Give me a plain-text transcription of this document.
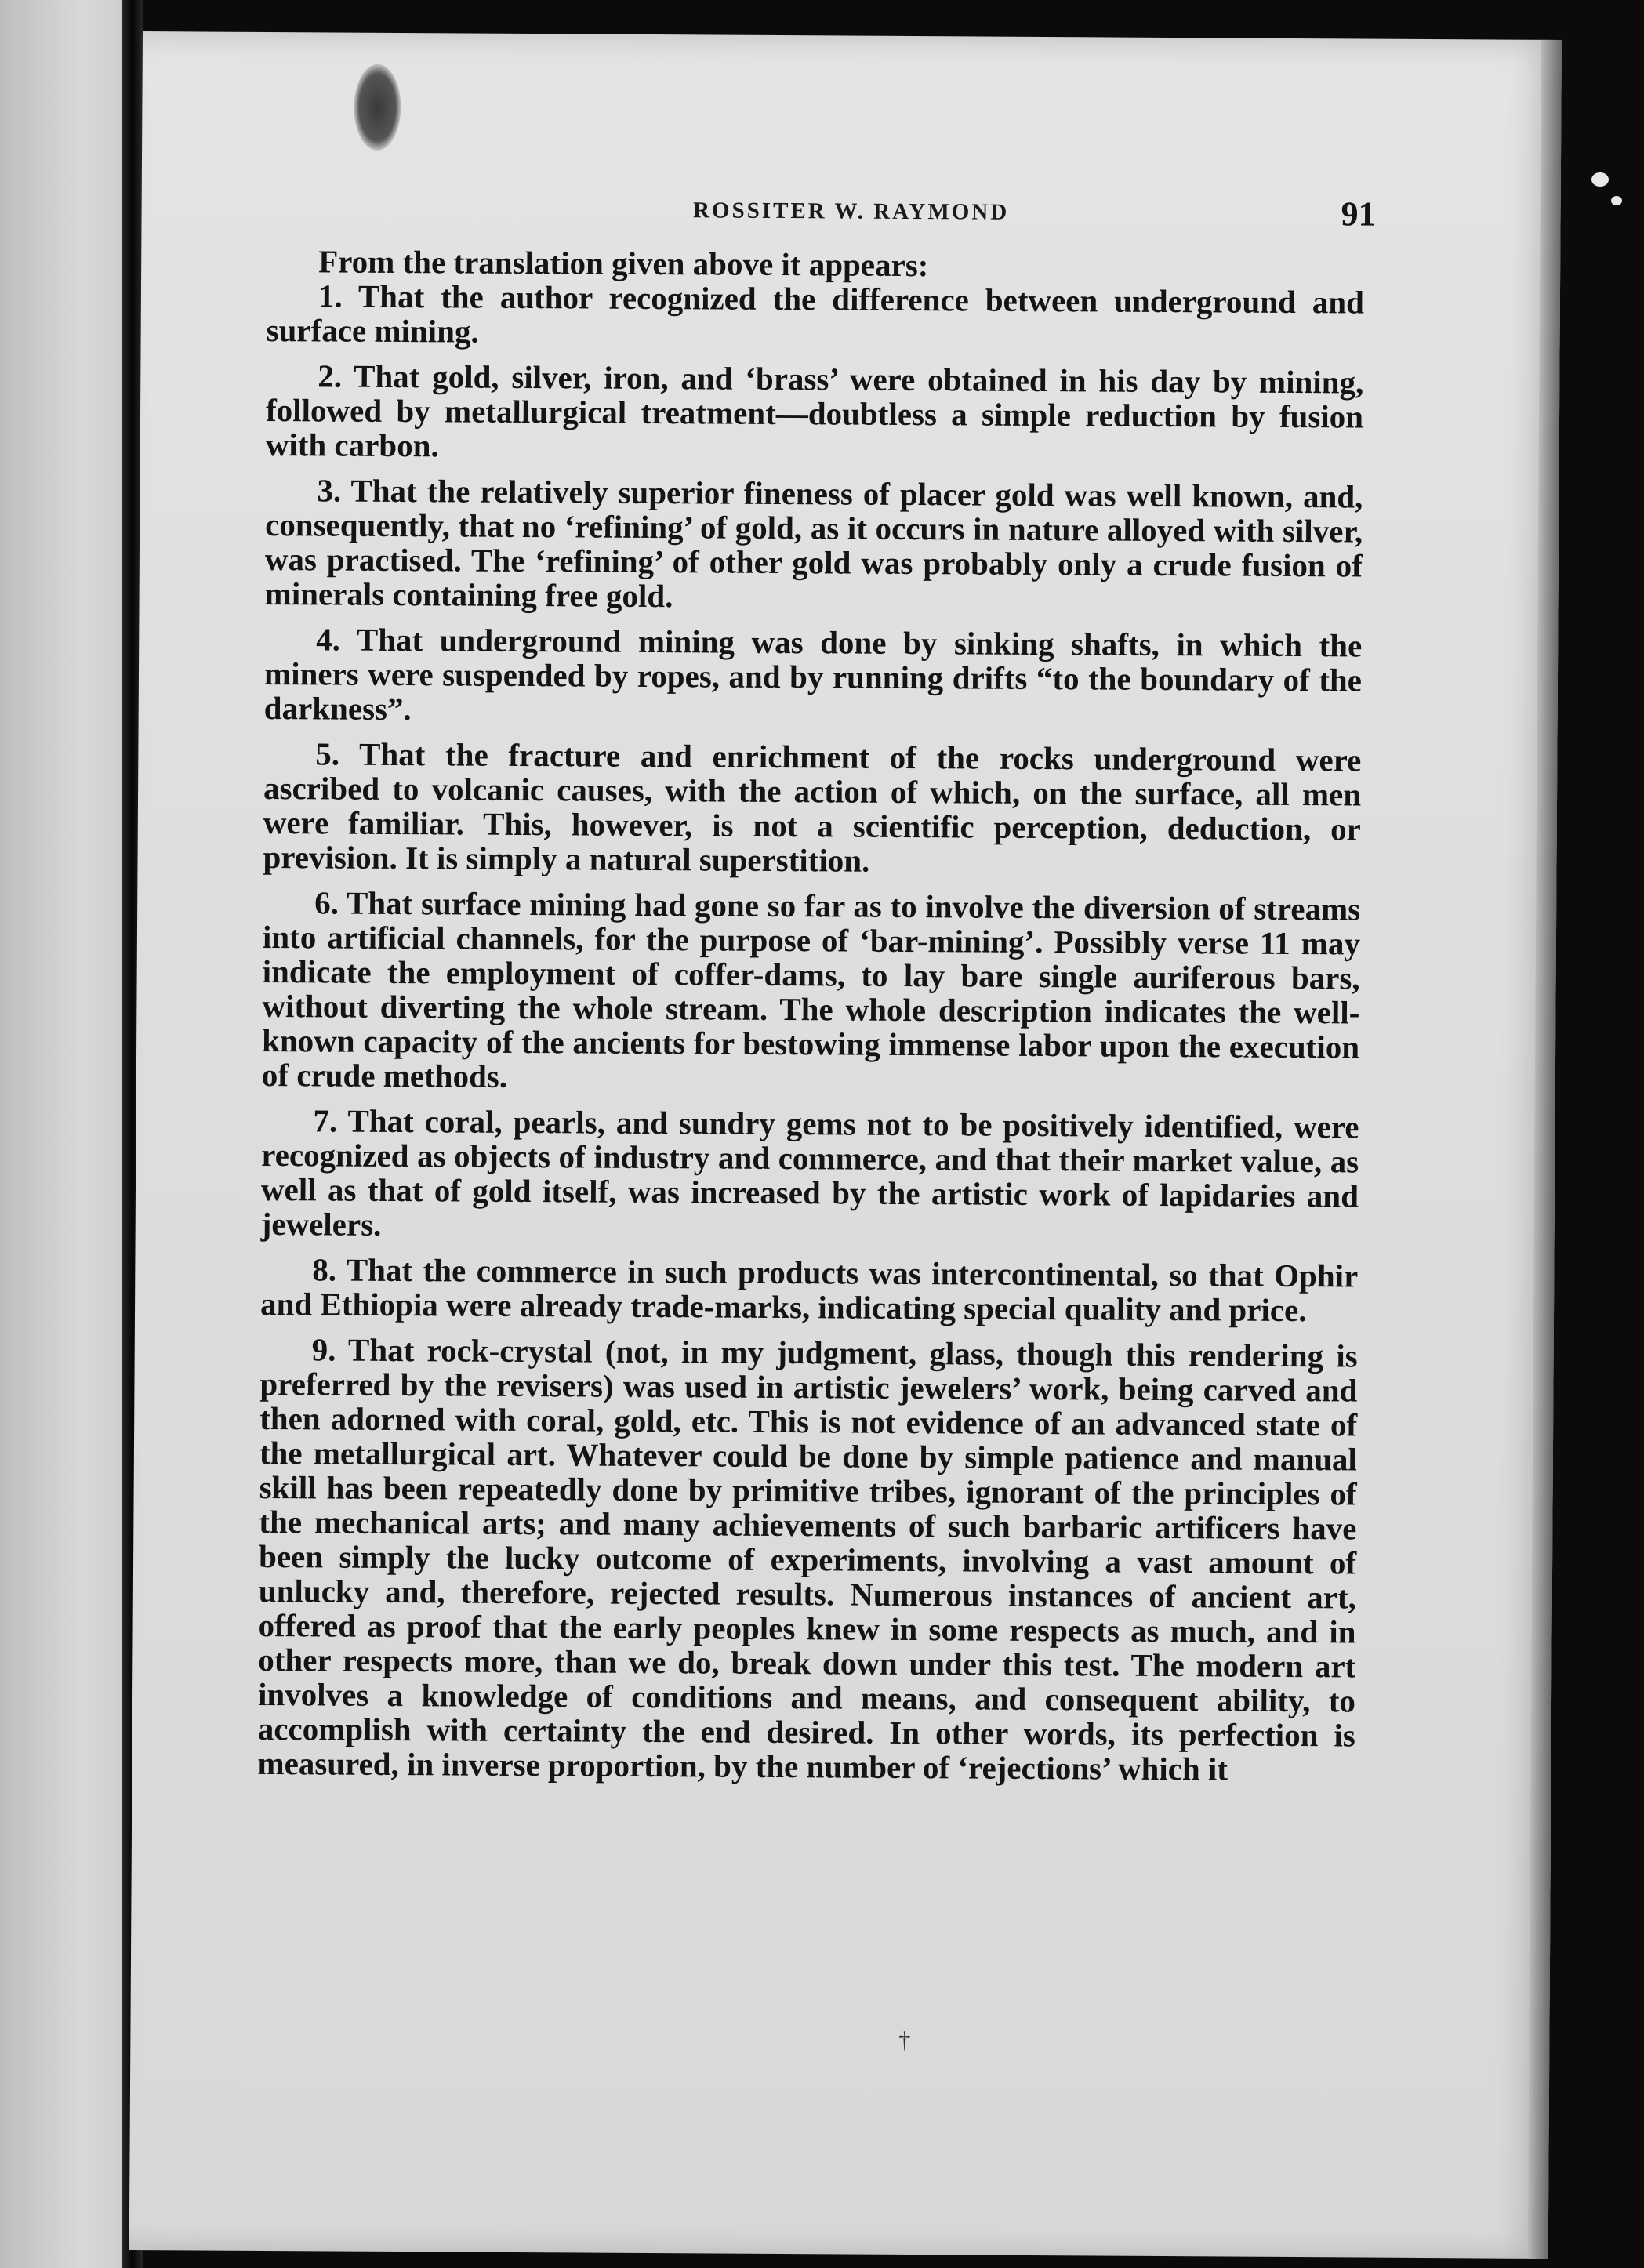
ROSSITER W. RAYMOND	91

From the translation given above it appears:

1. That the author recognized the difference between underground and surface mining.

2. That gold, silver, iron, and ‘brass’ were obtained in his day by mining, followed by metallurgical treatment—doubtless a simple reduction by fusion with carbon.

3. That the relatively superior fineness of placer gold was well known, and, consequently, that no ‘refining’ of gold, as it occurs in nature alloyed with silver, was practised. The ‘refining’ of other gold was probably only a crude fusion of minerals containing free gold.

4. That underground mining was done by sinking shafts, in which the miners were suspended by ropes, and by running drifts “to the boundary of the darkness”.

5. That the fracture and enrichment of the rocks underground were ascribed to volcanic causes, with the action of which, on the surface, all men were familiar. This, however, is not a scientific perception, deduction, or prevision. It is simply a natural superstition.

6. That surface mining had gone so far as to involve the diversion of streams into artificial channels, for the purpose of ‘bar-mining’. Possibly verse 11 may indicate the employment of coffer-dams, to lay bare single auriferous bars, without diverting the whole stream. The whole description indicates the well-known capacity of the ancients for bestowing immense labor upon the execution of crude methods.

7. That coral, pearls, and sundry gems not to be positively identified, were recognized as objects of industry and commerce, and that their market value, as well as that of gold itself, was increased by the artistic work of lapidaries and jewelers.

8. That the commerce in such products was intercontinental, so that Ophir and Ethiopia were already trade-marks, indicating special quality and price.

9. That rock-crystal (not, in my judgment, glass, though this rendering is preferred by the revisers) was used in artistic jewelers’ work, being carved and then adorned with coral, gold, etc. This is not evidence of an advanced state of the metallurgical art. Whatever could be done by simple patience and manual skill has been repeatedly done by primitive tribes, ignorant of the principles of the mechanical arts; and many achievements of such barbaric artificers have been simply the lucky outcome of experiments, involving a vast amount of unlucky and, therefore, rejected results. Numerous instances of ancient art, offered as proof that the early peoples knew in some respects as much, and in other respects more, than we do, break down under this test. The modern art involves a knowledge of conditions and means, and consequent ability, to accomplish with certainty the end desired. In other words, its perfection is measured, in inverse proportion, by the number of ‘rejections’ which it

†
